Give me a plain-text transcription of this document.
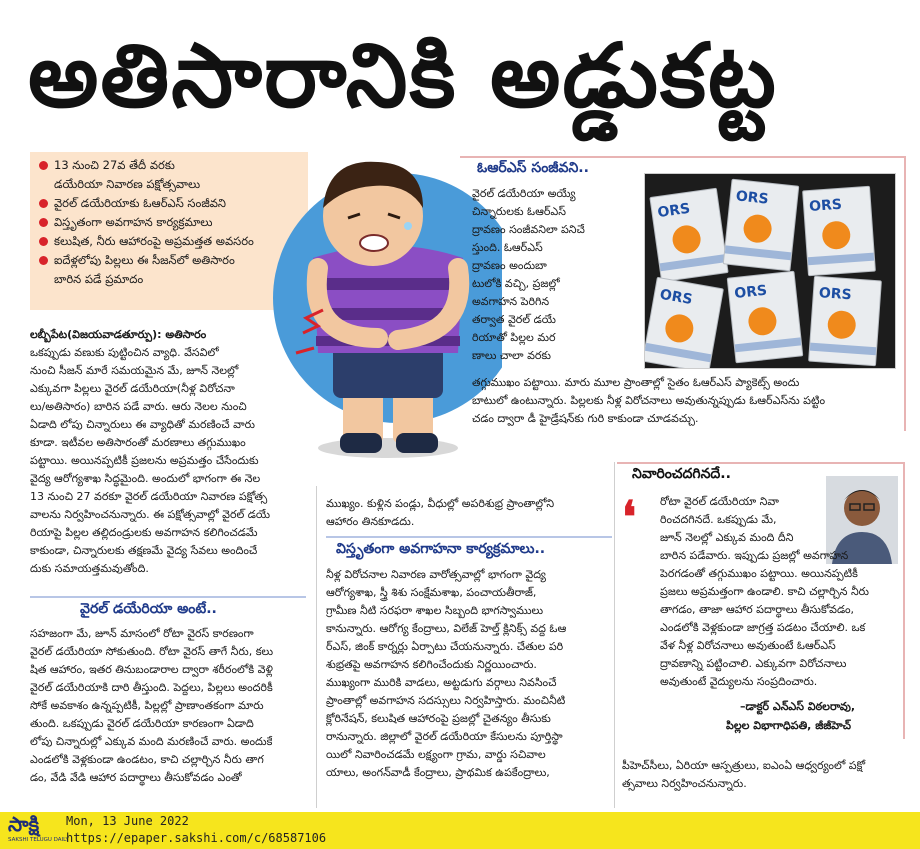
అతిసారానికి అడ్డుకట్ట
13 నుంచి 27వ తేదీ వరకు
డయేరియా నివారణ పక్షోత్సవాలు
వైరల్ డయేరియాకు ఓఆర్‌ఎస్ సంజీవని
విస్తృతంగా అవగాహన కార్యక్రమాలు
కలుషిత, నీరు ఆహారంపై అప్రమత్తత అవసరం
ఐదేళ్లలోపు పిల్లలు ఈ సీజన్‌లో అతిసారం
బారిన పడే ప్రమాదం
ఓఆర్‌ఎస్ సంజీవని..
వైరల్ డయేరియా అయ్యే
చిన్నారులకు ఓఆర్‌ఎస్
ద్రావణం సంజీవనిలా పనిచే
స్తుంది. ఓఆర్‌ఎస్
ద్రావణం అందుబా
టులోకి వచ్చి, ప్రజల్లో
అవగాహన పెరిగిన
తర్వాత వైరల్ డయే
రియాతో పిల్లల మర
ణాలు చాలా వరకు
తగ్గుముఖం పట్టాయి. మారు మూల ప్రాంతాల్లో సైతం ఓఆర్‌ఎస్ ప్యాకెట్స్ అందు
బాటులో ఉంటున్నారు. పిల్లలకు నీళ్ల విరోచనాలు అవుతున్నప్పుడు ఓఆర్‌ఎస్‌ను పట్టిం
చడం ద్వారా డీ హైడ్రేషన్‌కు గురి కాకుండా చూడవచ్చు.
ORS
ORS	ORS
ORS	ORS	ORS
లబ్బీపేట(విజయవాడతూర్పు): అతిసారం
ఒకప్పుడు వణుకు పుట్టించిన వ్యాధి. వేసవిలో
నుంచి సీజన్ మారే సమయమైన మే, జూన్ నెలల్లో
ఎక్కువగా పిల్లలు వైరల్ డయేరియా(నీళ్ల విరోచనా
లు/అతిసారం) బారిన పడే వారు. ఆరు నెలల నుంచి
ఏడాది లోపు చిన్నారులు ఈ వ్యాధితో మరణించే వారు
కూడా. ఇటీవల అతిసారంతో మరణాలు తగ్గుముఖం
పట్టాయి. అయినప్పటికీ ప్రజలను అప్రమత్తం చేసేందుకు
వైద్య ఆరోగ్యశాఖ సిద్ధమైంది. అందులో భాగంగా ఈ నెల
13 నుంచి 27 వరకూ వైరల్ డయేరియా నివారణ పక్షోత్స
వాలను నిర్వహించనున్నారు. ఈ పక్షోత్సవాల్లో వైరల్ డయే
రియాపై పిల్లల తల్లిదండ్రులకు అవగాహన కలిగించడమే
కాకుండా, చిన్నారులకు తక్షణమే వైద్య సేవలు అందించే
దుకు సమాయత్తమవుతోంది.
వైరల్ డయేరియా అంటే..
సహజంగా మే, జూన్ మాసంలో రోటా వైరస్ కారణంగా
వైరల్ డయేరియా సోకుతుంది. రోటా వైరస్ తాగే నీరు, కలు
షిత ఆహారం, ఇతర తినుబండారాల ద్వారా శరీరంలోకి వెళ్లి
వైరల్ డయేరియాకి దారి తీస్తుంది. పెద్దలు, పిల్లలు అందరికీ
సోకే అవకాశం ఉన్నప్పటికీ, పిల్లల్లో ప్రాణాంతకంగా మారు
తుంది. ఒకప్పుడు వైరల్ డయేరియా కారణంగా ఏడాది
లోపు చిన్నారుల్లో ఎక్కువ మంది మరణించే వారు. అందుకే
ఎండలోకి వెళ్లకుండా ఉండటం, కాచి చల్లార్చిన నీరు తాగ
డం, వేడి వేడి ఆహార పదార్థాలు తీసుకోవడం ఎంతో
ముఖ్యం. కుళ్లిన పండ్లు, వీధుల్లో అపరిశుభ్ర ప్రాంతాల్లోని
ఆహారం తినకూడదు.
విస్తృతంగా అవగాహనా కార్యక్రమాలు..
నీళ్ల విరోచనాల నివారణ వారోత్సవాల్లో భాగంగా వైద్య
ఆరోగ్యశాఖ, స్త్రీ శిశు సంక్షేమశాఖ, పంచాయతీరాజ్,
గ్రామీణ నీటి సరఫరా శాఖల సిబ్బంది భాగస్వాములు
కానున్నారు. ఆరోగ్య కేంద్రాలు, విలేజ్ హెల్త్ క్లినిక్స్ వద్ద ఓఆ
ర్‌ఎస్, జింక్ కార్నర్లు ఏర్పాటు చేయనున్నారు. చేతుల పరి
శుభ్రతపై అవగాహన కలిగించేందుకు నిర్ణయించారు.
ముఖ్యంగా మురికి వాడలు, అట్టడుగు వర్గాలు నివసించే
ప్రాంతాల్లో అవగాహన సదస్సులు నిర్వహిస్తారు. మంచినీటి
క్లోరినేషన్, కలుషిత ఆహారంపై ప్రజల్లో చైతన్యం తీసుకు
రానున్నారు. జిల్లాలో వైరల్ డయేరియా కేసులను పూర్తిస్థా
యిలో నివారించడమే లక్ష్యంగా గ్రామ, వార్డు సచివాల
యాలు, అంగన్‌వాడీ కేంద్రాలు, ప్రాథమిక ఉపకేంద్రాలు,
నివారించదగినదే..
❛ రోటా వైరల్ డయేరియా నివా
రించదగినదే. ఒకప్పుడు మే,
జూన్ నెలల్లో ఎక్కువ మంది దీని
బారిన పడేవారు. ఇప్పుడు ప్రజల్లో అవగాహన
పెరగడంతో తగ్గుముఖం పట్టాయి. అయినప్పటికీ
ప్రజలు అప్రమత్తంగా ఉండాలి. కాచి చల్లార్చిన నీరు
తాగడం, తాజా ఆహార పదార్థాలు తీసుకోవడం,
ఎండలోకి వెళ్లకుండా జాగ్రత్త పడటం చేయాలి. ఒక
వేళ నీళ్ల విరోచనాలు అవుతుంటే ఓఆర్‌ఎస్
ద్రావణాన్ని పట్టించాలి. ఎక్కువగా విరోచనాలు
అవుతుంటే వైద్యులను సంప్రదించారు.
–డాక్టర్ ఎన్‌ఎస్ విఠలరావు,
పిల్లల విభాగాధిపతి, జీజీహెచ్
పీహెచ్‌సీలు, ఏరియా ఆస్పత్రులు, ఐఎంఏ ఆధ్వర్యంలో పక్షో
త్సవాలు నిర్వహించనున్నారు.
సాక్షి
SAKSHI TELUGU DAILY
Mon, 13 June 2022
https://epaper.sakshi.com/c/68587106
